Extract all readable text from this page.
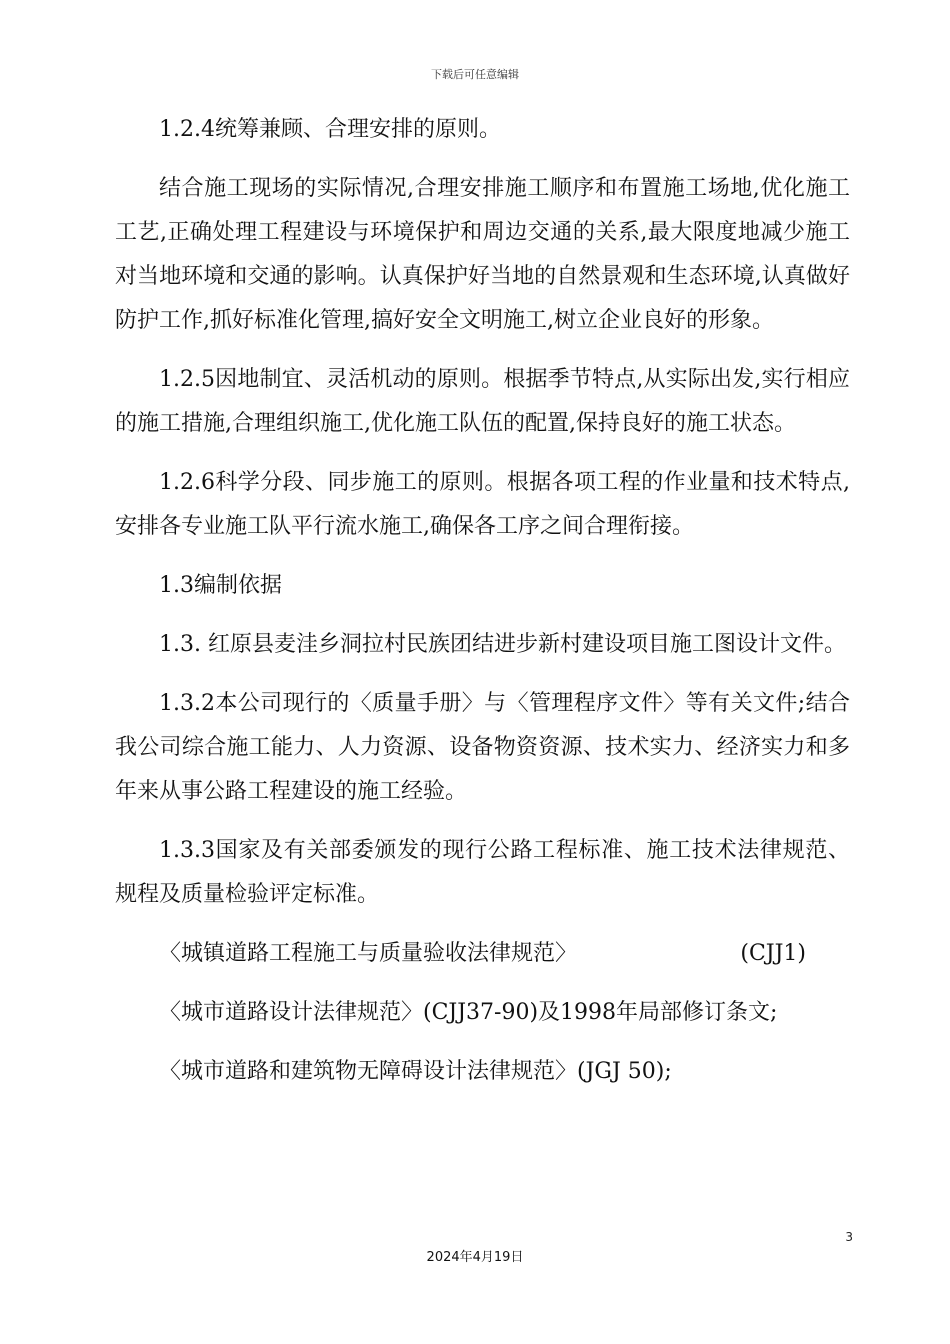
下载后可任意编辑

1.2.4统筹兼顾、合理安排的原则。

结合施工现场的实际情况,合理安排施工顺序和布置施工场地,优化施工工艺,正确处理工程建设与环境保护和周边交通的关系,最大限度地减少施工对当地环境和交通的影响。认真保护好当地的自然景观和生态环境,认真做好防护工作,抓好标准化管理,搞好安全文明施工,树立企业良好的形象。

1.2.5因地制宜、灵活机动的原则。根据季节特点,从实际出发,实行相应的施工措施,合理组织施工,优化施工队伍的配置,保持良好的施工状态。

1.2.6科学分段、同步施工的原则。根据各项工程的作业量和技术特点,安排各专业施工队平行流水施工,确保各工序之间合理衔接。

1.3编制依据

1.3. 红原县麦洼乡洞拉村民族团结进步新村建设项目施工图设计文件。

1.3.2本公司现行的〈质量手册〉与〈管理程序文件〉等有关文件;结合我公司综合施工能力、人力资源、设备物资资源、技术实力、经济实力和多年来从事公路工程建设的施工经验。

1.3.3国家及有关部委颁发的现行公路工程标准、施工技术法律规范、规程及质量检验评定标准。

〈城镇道路工程施工与质量验收法律规范〉	(CJJ1)

〈城市道路设计法律规范〉(CJJ37-90)及1998年局部修订条文;

〈城市道路和建筑物无障碍设计法律规范〉(JGJ 50);

3
2024年4月19日
